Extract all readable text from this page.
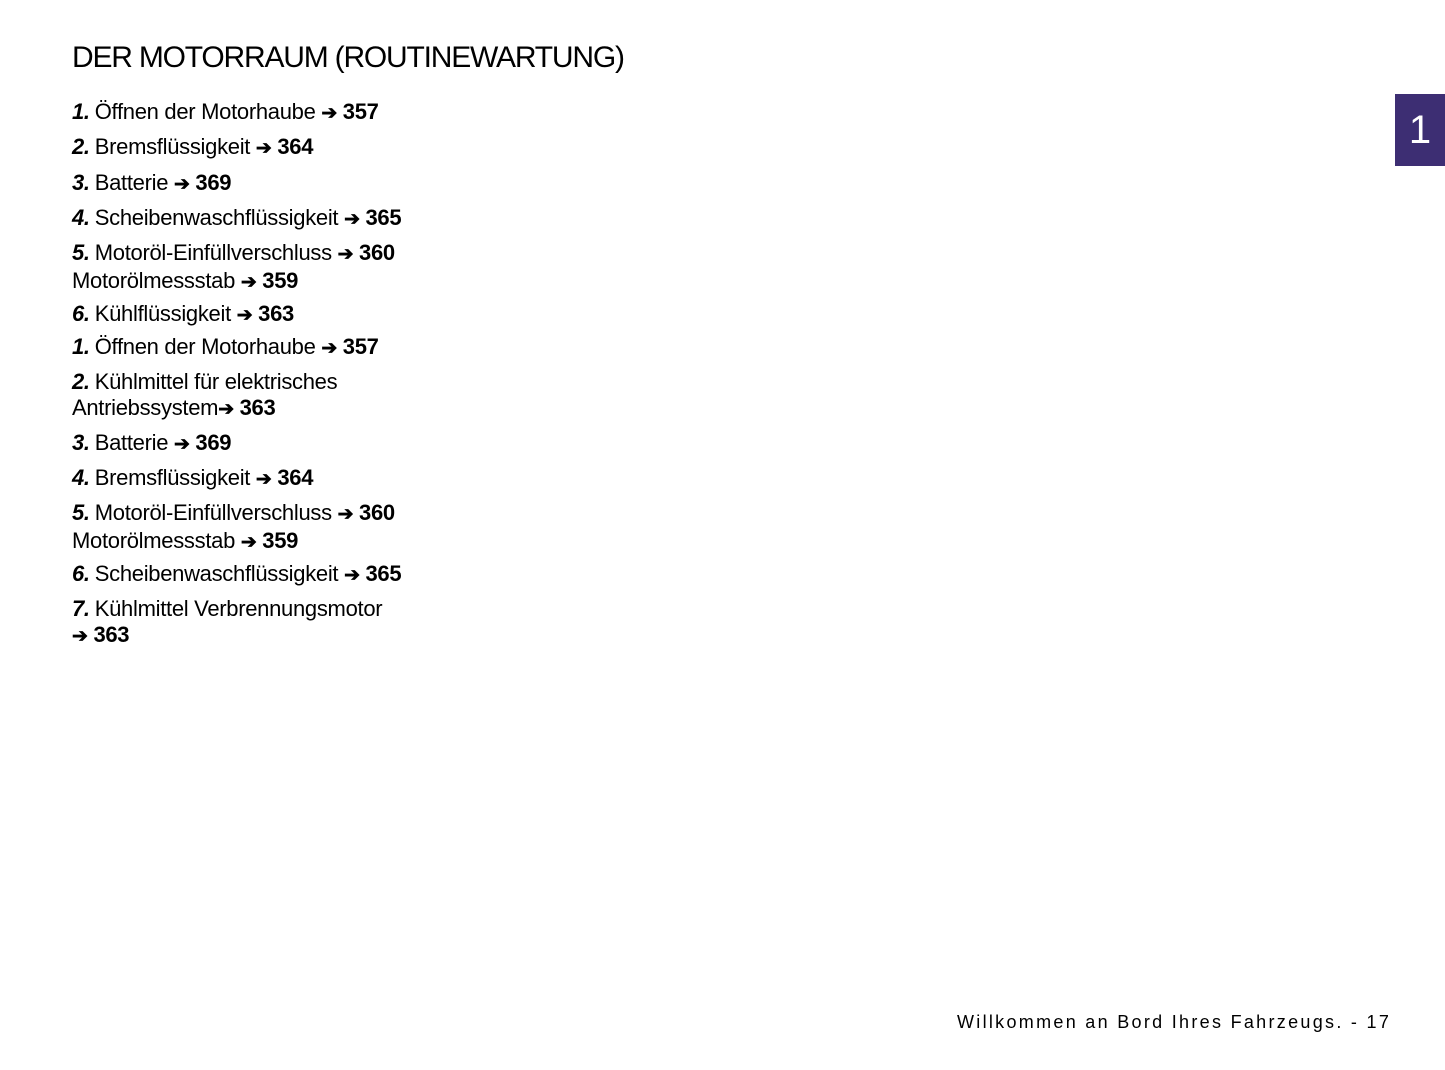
DER MOTORRAUM (ROUTINEWARTUNG)
1
1. Öffnen der Motorhaube ➔ 357
2. Bremsflüssigkeit ➔ 364
3. Batterie ➔ 369
4. Scheibenwaschflüssigkeit ➔ 365
5. Motoröl-Einfüllverschluss ➔ 360
Motorölmessstab ➔ 359
6. Kühlflüssigkeit ➔ 363
1. Öffnen der Motorhaube ➔ 357
2. Kühlmittel für elektrisches
Antriebssystem➔ 363
3. Batterie ➔ 369
4. Bremsflüssigkeit ➔ 364
5. Motoröl-Einfüllverschluss ➔ 360
Motorölmessstab ➔ 359
6. Scheibenwaschflüssigkeit ➔ 365
7. Kühlmittel Verbrennungsmotor
➔ 363
Willkommen an Bord Ihres Fahrzeugs. - 17
